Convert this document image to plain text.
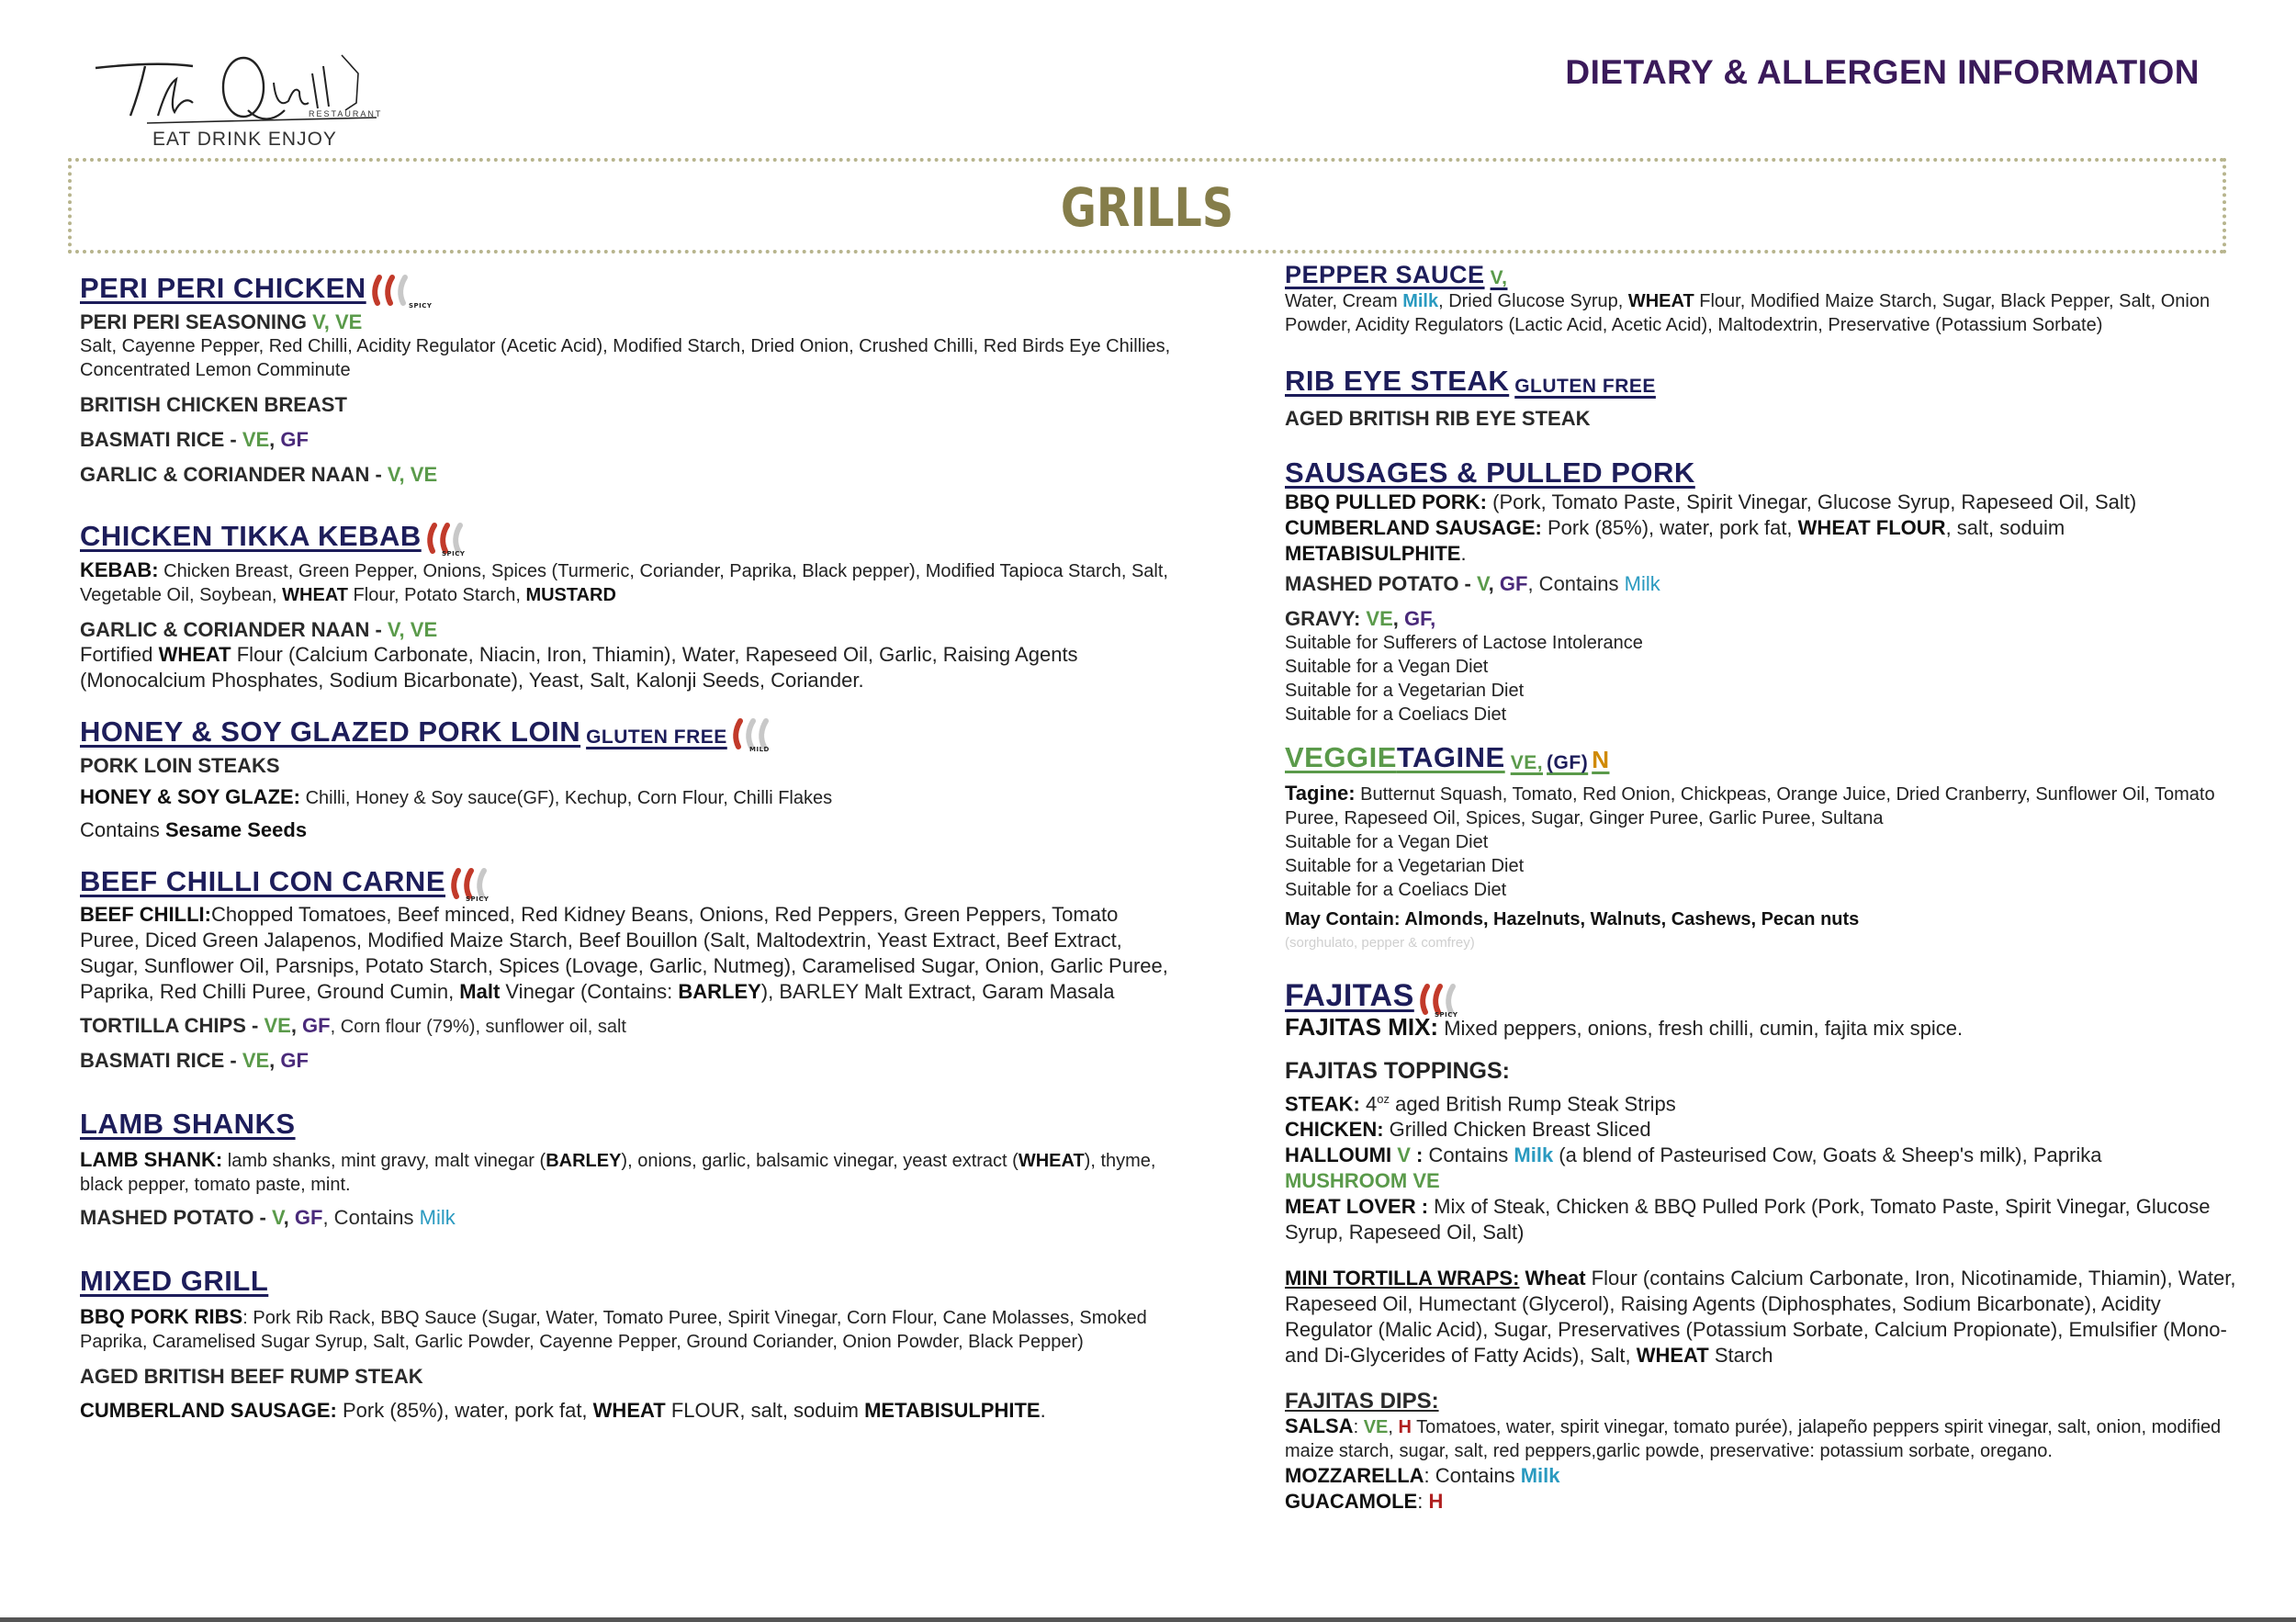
RESTAURANT
EAT DRINK ENJOY
DIETARY & ALLERGEN INFORMATION
GRILLS
PERI PERI CHICKEN
SPICY
PERI PERI SEASONING V, VE
Salt, Cayenne Pepper, Red Chilli, Acidity Regulator (Acetic Acid), Modified Starch, Dried Onion, Crushed Chilli, Red Birds Eye Chillies, Concentrated Lemon Comminute
BRITISH CHICKEN BREAST
BASMATI RICE - VE, GF
GARLIC & CORIANDER NAAN - V, VE
CHICKEN TIKKA KEBAB
SPICY
KEBAB: Chicken Breast, Green Pepper, Onions, Spices (Turmeric, Coriander, Paprika, Black pepper), Modified Tapioca Starch, Salt, Vegetable Oil, Soybean, WHEAT Flour, Potato Starch, MUSTARD
GARLIC & CORIANDER NAAN - V, VE
Fortified WHEAT Flour (Calcium Carbonate, Niacin, Iron, Thiamin), Water, Rapeseed Oil, Garlic, Raising Agents (Monocalcium Phosphates, Sodium Bicarbonate), Yeast, Salt, Kalonji Seeds, Coriander.
HONEY & SOY GLAZED PORK LOIN GLUTEN FREE
MILD
PORK LOIN STEAKS
HONEY & SOY GLAZE: Chilli, Honey & Soy sauce(GF), Kechup, Corn Flour, Chilli Flakes
Contains Sesame Seeds
BEEF CHILLI CON CARNE
SPICY
BEEF CHILLI:Chopped Tomatoes, Beef minced, Red Kidney Beans, Onions, Red Peppers, Green Peppers, Tomato Puree, Diced Green Jalapenos, Modified Maize Starch, Beef Bouillon (Salt, Maltodextrin, Yeast Extract, Beef Extract, Sugar, Sunflower Oil, Parsnips, Potato Starch, Spices (Lovage, Garlic, Nutmeg), Caramelised Sugar, Onion, Garlic Puree, Paprika, Red Chilli Puree, Ground Cumin, Malt Vinegar (Contains: BARLEY), BARLEY Malt Extract, Garam Masala
TORTILLA CHIPS - VE, GF, Corn flour (79%), sunflower oil, salt
BASMATI RICE - VE, GF
LAMB SHANKS
LAMB SHANK: lamb shanks, mint gravy, malt vinegar (BARLEY), onions, garlic, balsamic vinegar, yeast extract (WHEAT), thyme, black pepper, tomato paste, mint.
MASHED POTATO - V, GF, Contains Milk
MIXED GRILL
BBQ PORK RIBS: Pork Rib Rack, BBQ Sauce (Sugar, Water, Tomato Puree, Spirit Vinegar, Corn Flour, Cane Molasses, Smoked Paprika, Caramelised Sugar Syrup, Salt, Garlic Powder, Cayenne Pepper, Ground Coriander, Onion Powder, Black Pepper)
AGED BRITISH BEEF RUMP STEAK
CUMBERLAND SAUSAGE: Pork (85%), water, pork fat, WHEAT FLOUR, salt, soduim METABISULPHITE.
PEPPER SAUCE V,
Water, Cream Milk, Dried Glucose Syrup, WHEAT Flour, Modified Maize Starch, Sugar, Black Pepper, Salt, Onion Powder, Acidity Regulators (Lactic Acid, Acetic Acid), Maltodextrin, Preservative (Potassium Sorbate)
RIB EYE STEAK GLUTEN FREE
AGED BRITISH RIB EYE STEAK
SAUSAGES & PULLED PORK
BBQ PULLED PORK: (Pork, Tomato Paste, Spirit Vinegar, Glucose Syrup, Rapeseed Oil, Salt)
CUMBERLAND SAUSAGE: Pork (85%), water, pork fat, WHEAT FLOUR, salt, soduim METABISULPHITE.
MASHED POTATO - V, GF, Contains Milk
GRAVY: VE, GF,
Suitable for Sufferers of Lactose Intolerance
Suitable for a Vegan Diet
Suitable for a Vegetarian Diet
Suitable for a Coeliacs Diet
VEGGIE TAGINE VE, (GF) N
Tagine: Butternut Squash, Tomato, Red Onion, Chickpeas, Orange Juice, Dried Cranberry, Sunflower Oil, Tomato Puree, Rapeseed Oil, Spices, Sugar, Ginger Puree, Garlic Puree, Sultana
Suitable for a Vegan Diet
Suitable for a Vegetarian Diet
Suitable for a Coeliacs Diet
May Contain: Almonds, Hazelnuts, Walnuts, Cashews, Pecan nuts
(sorghulato, pepper & comfrey)
FAJITAS
SPICY
FAJITAS MIX: Mixed peppers, onions, fresh chilli, cumin, fajita mix spice.
FAJITAS TOPPINGS:
STEAK: $4^{oz}$ aged British Rump Steak Strips
CHICKEN: Grilled Chicken Breast Sliced
HALLOUMI V : Contains Milk (a blend of Pasteurised Cow, Goats & Sheep's milk), Paprika
MUSHROOM VE
MEAT LOVER : Mix of Steak, Chicken & BBQ Pulled Pork (Pork, Tomato Paste, Spirit Vinegar, Glucose Syrup, Rapeseed Oil, Salt)
MINI TORTILLA WRAPS: Wheat Flour (contains Calcium Carbonate, Iron, Nicotinamide, Thiamin), Water, Rapeseed Oil, Humectant (Glycerol), Raising Agents (Diphosphates, Sodium Bicarbonate), Acidity Regulator (Malic Acid), Sugar, Preservatives (Potassium Sorbate, Calcium Propionate), Emulsifier (Mono- and Di-Glycerides of Fatty Acids), Salt, WHEAT Starch
FAJITAS DIPS:
SALSA: VE, H Tomatoes, water, spirit vinegar, tomato purée), jalapeño peppers spirit vinegar, salt, onion, modified maize starch, sugar, salt, red peppers,garlic powde, preservative: potassium sorbate, oregano.
MOZZARELLA: Contains Milk
GUACAMOLE: H
